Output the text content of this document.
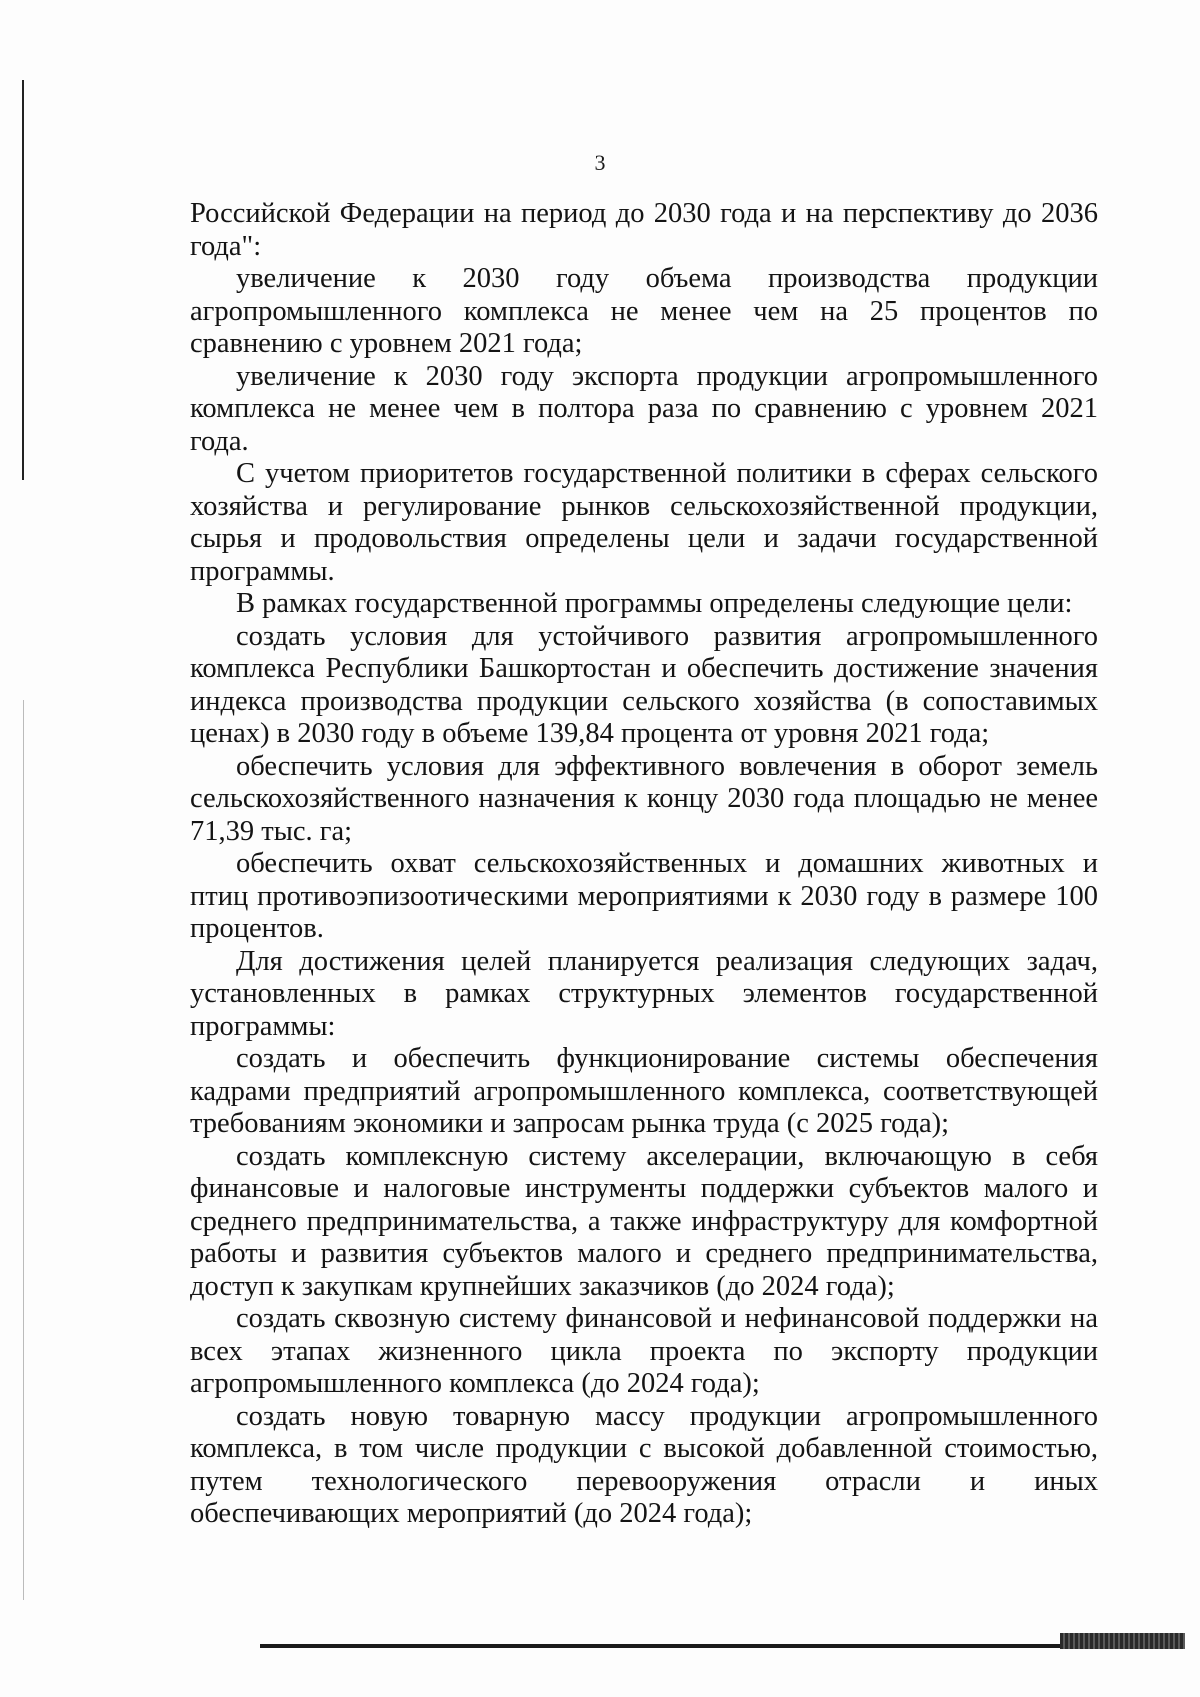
3

Российской Федерации на период до 2030 года и на перспективу до 2036 года":

увеличение к 2030 году объема производства продукции агропромышленного комплекса не менее чем на 25 процентов по сравнению с уровнем 2021 года;

увеличение к 2030 году экспорта продукции агропромышленного комплекса не менее чем в полтора раза по сравнению с уровнем 2021 года.

С учетом приоритетов государственной политики в сферах сельского хозяйства и регулирование рынков сельскохозяйственной продукции, сырья и продовольствия определены цели и задачи государственной программы.

В рамках государственной программы определены следующие цели:

создать условия для устойчивого развития агропромышленного комплекса Республики Башкортостан и обеспечить достижение значения индекса производства продукции сельского хозяйства (в сопоставимых ценах) в 2030 году в объеме 139,84 процента от уровня 2021 года;

обеспечить условия для эффективного вовлечения в оборот земель сельскохозяйственного назначения к концу 2030 года площадью не менее 71,39 тыс. га;

обеспечить охват сельскохозяйственных и домашних животных и птиц противоэпизоотическими мероприятиями к 2030 году в размере 100 процентов.

Для достижения целей планируется реализация следующих задач, установленных в рамках структурных элементов государственной программы:

создать и обеспечить функционирование системы обеспечения кадрами предприятий агропромышленного комплекса, соответствующей требованиям экономики и запросам рынка труда (с 2025 года);

создать комплексную систему акселерации, включающую в себя финансовые и налоговые инструменты поддержки субъектов малого и среднего предпринимательства, а также инфраструктуру для комфортной работы и развития субъектов малого и среднего предпринимательства, доступ к закупкам крупнейших заказчиков (до 2024 года);

создать сквозную систему финансовой и нефинансовой поддержки на всех этапах жизненного цикла проекта по экспорту продукции агропромышленного комплекса (до 2024 года);

создать новую товарную массу продукции агропромышленного комплекса, в том числе продукции с высокой добавленной стоимостью, путем технологического перевооружения отрасли и иных обеспечивающих мероприятий (до 2024 года);
